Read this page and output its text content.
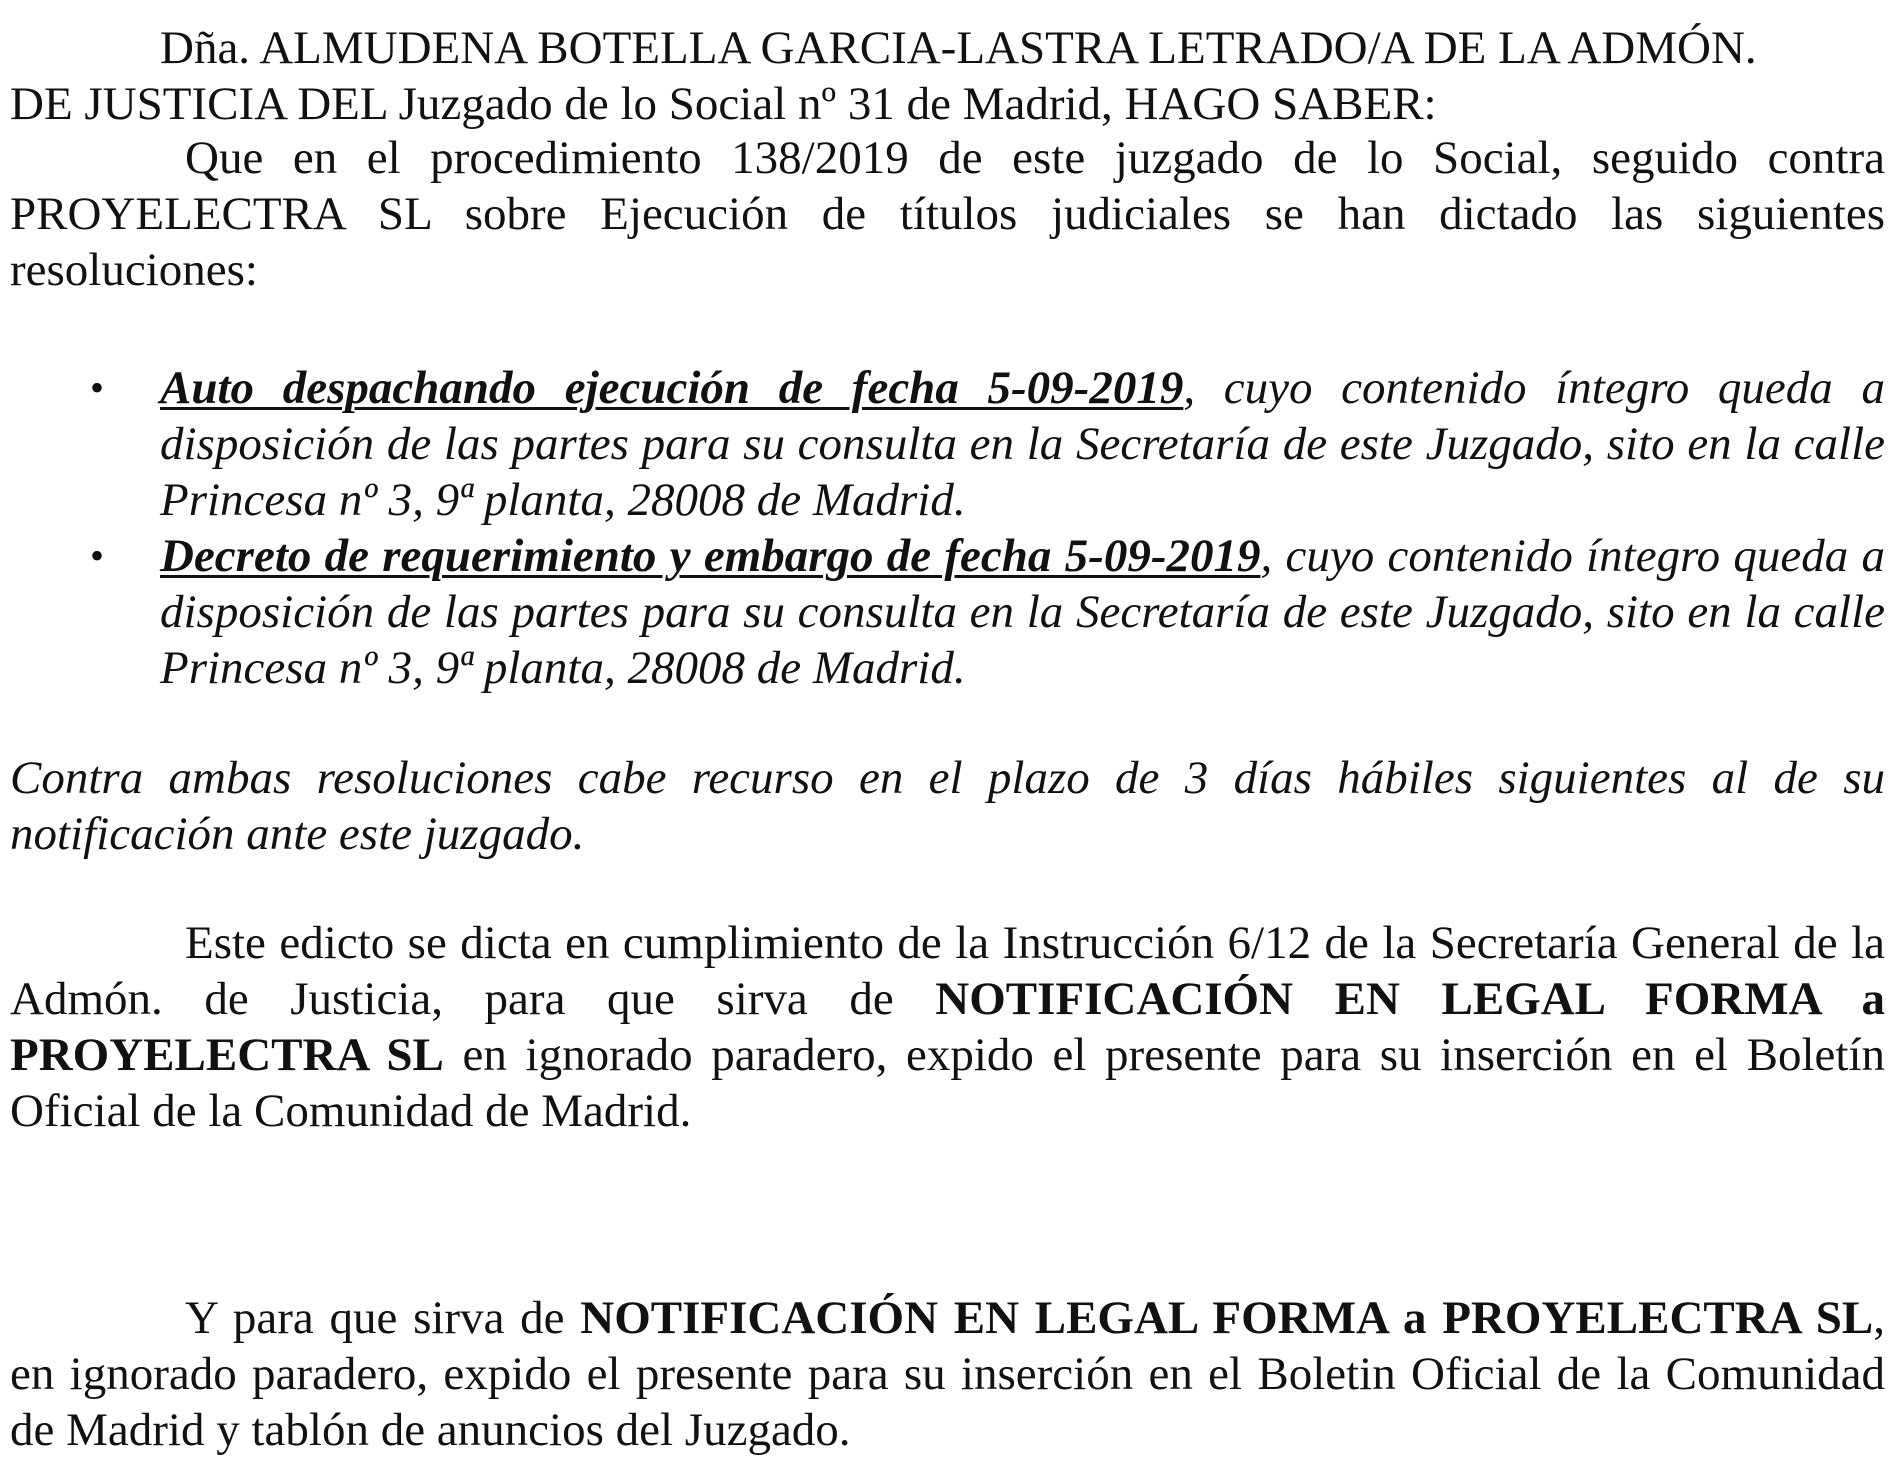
Dña. ALMUDENA BOTELLA GARCIA-LASTRA LETRADO/A DE LA ADMÓN.

DE JUSTICIA DEL Juzgado de lo Social nº 31 de Madrid, HAGO SABER:

Que en el procedimiento 138/2019 de este juzgado de lo Social, seguido contra PROYELECTRA SL sobre Ejecución de títulos judiciales se han dictado las siguientes resoluciones:

• Auto despachando ejecución de fecha 5-09-2019, cuyo contenido íntegro queda a disposición de las partes para su consulta en la Secretaría de este Juzgado, sito en la calle Princesa nº 3, 9ª planta, 28008 de Madrid.
• Decreto de requerimiento y embargo de fecha 5-09-2019, cuyo contenido íntegro queda a disposición de las partes para su consulta en la Secretaría de este Juzgado, sito en la calle Princesa nº 3, 9ª planta, 28008 de Madrid.

Contra ambas resoluciones cabe recurso en el plazo de 3 días hábiles siguientes al de su notificación ante este juzgado.

Este edicto se dicta en cumplimiento de la Instrucción 6/12 de la Secretaría General de la Admón. de Justicia, para que sirva de NOTIFICACIÓN EN LEGAL FORMA a PROYELECTRA SL en ignorado paradero, expido el presente para su inserción en el Boletín Oficial de la Comunidad de Madrid.

Y para que sirva de NOTIFICACIÓN EN LEGAL FORMA a PROYELECTRA SL, en ignorado paradero, expido el presente para su inserción en el Boletin Oficial de la Comunidad de Madrid y tablón de anuncios del Juzgado.
